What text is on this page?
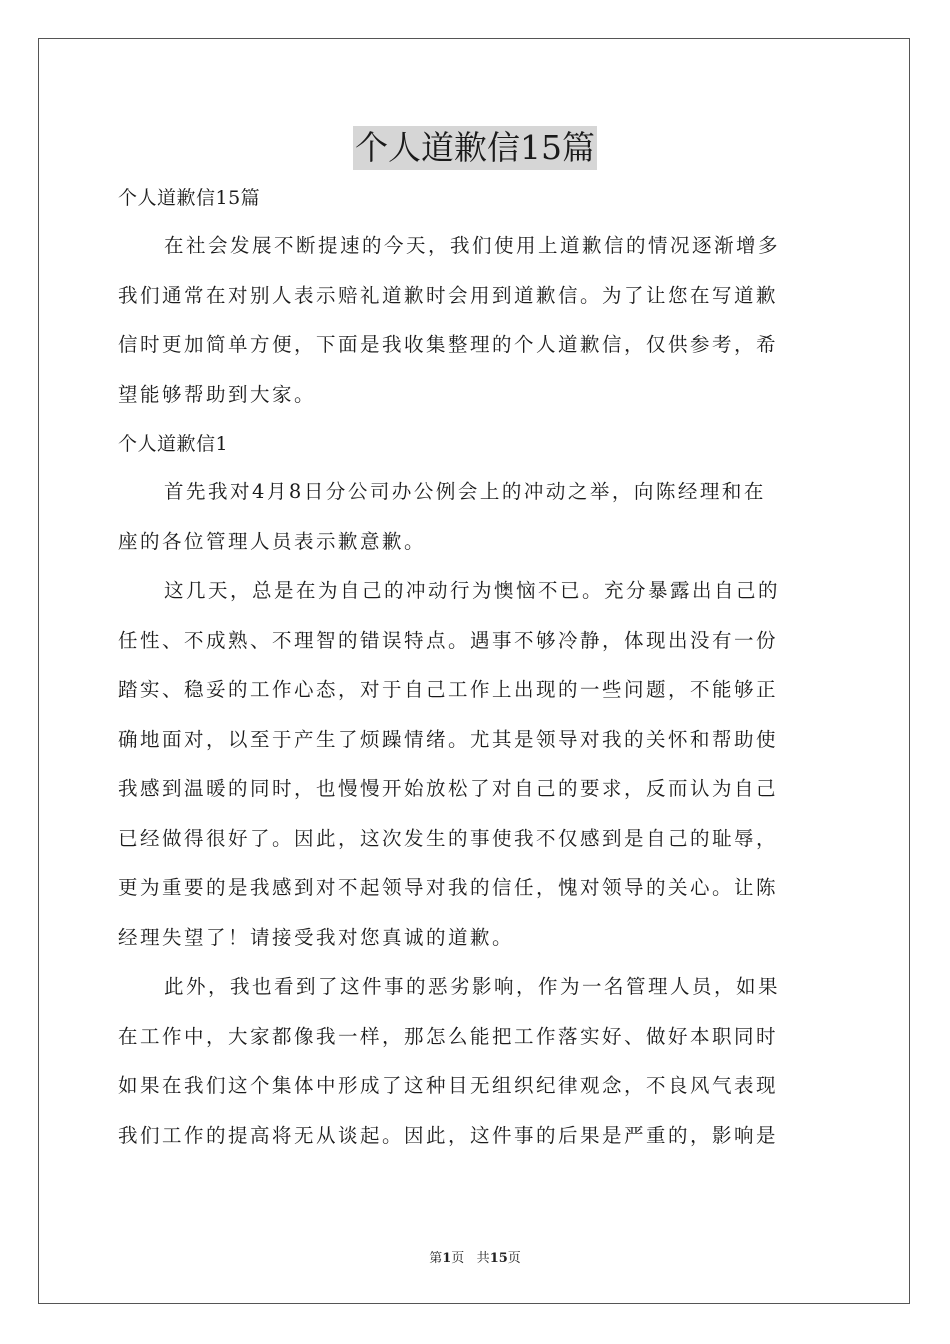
个人道歉信15篇
个人道歉信15篇
在社会发展不断提速的今天，我们使用上道歉信的情况逐渐增多
我们通常在对别人表示赔礼道歉时会用到道歉信。为了让您在写道歉
信时更加简单方便，下面是我收集整理的个人道歉信，仅供参考，希
望能够帮助到大家。
个人道歉信1
首先我对4月8日分公司办公例会上的冲动之举，向陈经理和在
座的各位管理人员表示歉意歉。
这几天，总是在为自己的冲动行为懊恼不已。充分暴露出自己的
任性、不成熟、不理智的错误特点。遇事不够冷静，体现出没有一份
踏实、稳妥的工作心态，对于自己工作上出现的一些问题，不能够正
确地面对，以至于产生了烦躁情绪。尤其是领导对我的关怀和帮助使
我感到温暖的同时，也慢慢开始放松了对自己的要求，反而认为自己
已经做得很好了。因此，这次发生的事使我不仅感到是自己的耻辱，
更为重要的是我感到对不起领导对我的信任，愧对领导的关心。让陈
经理失望了！请接受我对您真诚的道歉。
此外，我也看到了这件事的恶劣影响，作为一名管理人员，如果
在工作中，大家都像我一样，那怎么能把工作落实好、做好本职同时
如果在我们这个集体中形成了这种目无组织纪律观念，不良风气表现
我们工作的提高将无从谈起。因此，这件事的后果是严重的，影响是
第1页 共15页
